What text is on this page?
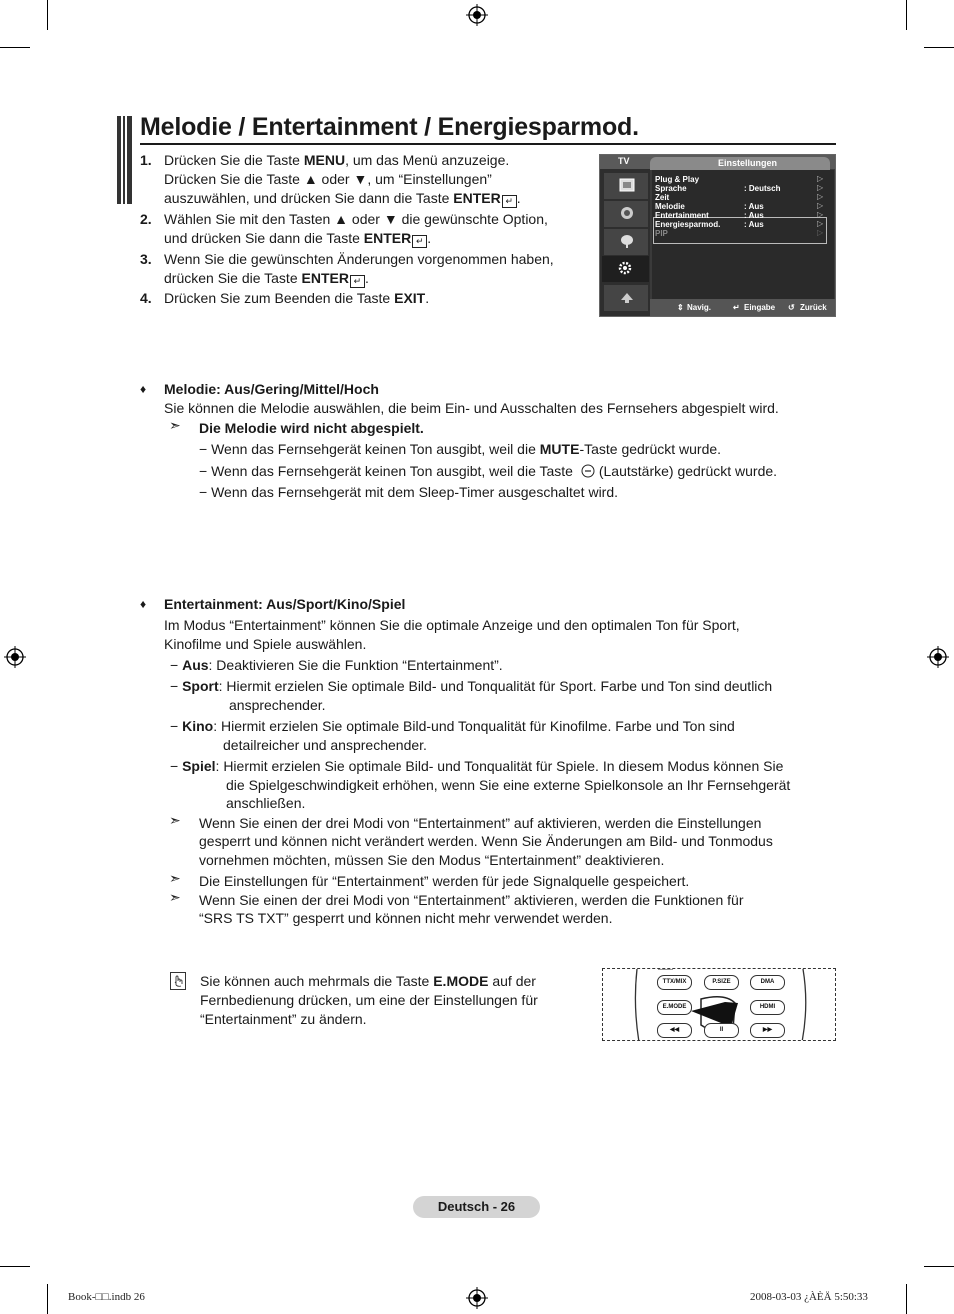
Melodie / Entertainment / Energiesparmod.
1. Drücken Sie die Taste MENU, um das Menü anzuzeige.
Drücken Sie die Taste ▲ oder ▼, um “Einstellungen”
auszuwählen, und drücken Sie dann die Taste ENTER ↵ .
2. Wählen Sie mit den Tasten ▲ oder ▼ die gewünschte Option,
und drücken Sie dann die Taste ENTER ↵ .
3. Wenn Sie die gewünschten Änderungen vorgenommen haben,
drücken Sie die Taste ENTER ↵ .
4. Drücken Sie zum Beenden die Taste EXIT.
TV	Einstellungen
Plug & Play	▷
Sprache	: Deutsch	▷
Zeit	▷
Melodie	: Aus	▷
Entertainment	: Aus	▷
Energiesparmod.	: Aus	▷
PIP	▷
⇕ Navig.	↵ Eingabe ↺ Zurück
♦ Melodie: Aus/Gering/Mittel/Hoch
Sie können die Melodie auswählen, die beim Ein- und Ausschalten des Fernsehers abgespielt wird.
➣ Die Melodie wird nicht abgespielt.
− Wenn das Fernsehgerät keinen Ton ausgibt, weil die MUTE-Taste gedrückt wurde.
− Wenn das Fernsehgerät keinen Ton ausgibt, weil die Taste (Lautstärke) gedrückt wurde.
− Wenn das Fernsehgerät mit dem Sleep-Timer ausgeschaltet wird.
♦ Entertainment: Aus/Sport/Kino/Spiel
Im Modus “Entertainment” können Sie die optimale Anzeige und den optimalen Ton für Sport,
Kinofilme und Spiele auswählen.
− Aus: Deaktivieren Sie die Funktion “Entertainment”.
− Sport: Hiermit erzielen Sie optimale Bild- und Tonqualität für Sport. Farbe und Ton sind deutlich
ansprechender.
− Kino: Hiermit erzielen Sie optimale Bild-und Tonqualität für Kinofilme. Farbe und Ton sind
detailreicher und ansprechender.
− Spiel: Hiermit erzielen Sie optimale Bild- und Tonqualität für Spiele. In diesem Modus können Sie
die Spielgeschwindigkeit erhöhen, wenn Sie eine externe Spielkonsole an Ihr Fernsehgerät
anschließen.
➣ Wenn Sie einen der drei Modi von “Entertainment” auf aktivieren, werden die Einstellungen
gesperrt und können nicht verändert werden. Wenn Sie Änderungen am Bild- und Tonmodus
vornehmen möchten, müssen Sie den Modus “Entertainment” deaktivieren.
➣ Die Einstellungen für “Entertainment” werden für jede Signalquelle gespeichert.
➣ Wenn Sie einen der drei Modi von “Entertainment” aktivieren, werden die Funktionen für
“SRS TS TXT” gesperrt und können nicht mehr verwendet werden.
Sie können auch mehrmals die Taste E.MODE auf der
Fernbedienung drücken, um eine der Einstellungen für
“Entertainment” zu ändern.
TTX/MIX	P.SIZE	DMA
E.MODE	HDMI
◀◀	II	▶▶
Deutsch - 26
Book-□□.indb 26	2008-03-03 ¿ÀÈÄ 5:50:33
